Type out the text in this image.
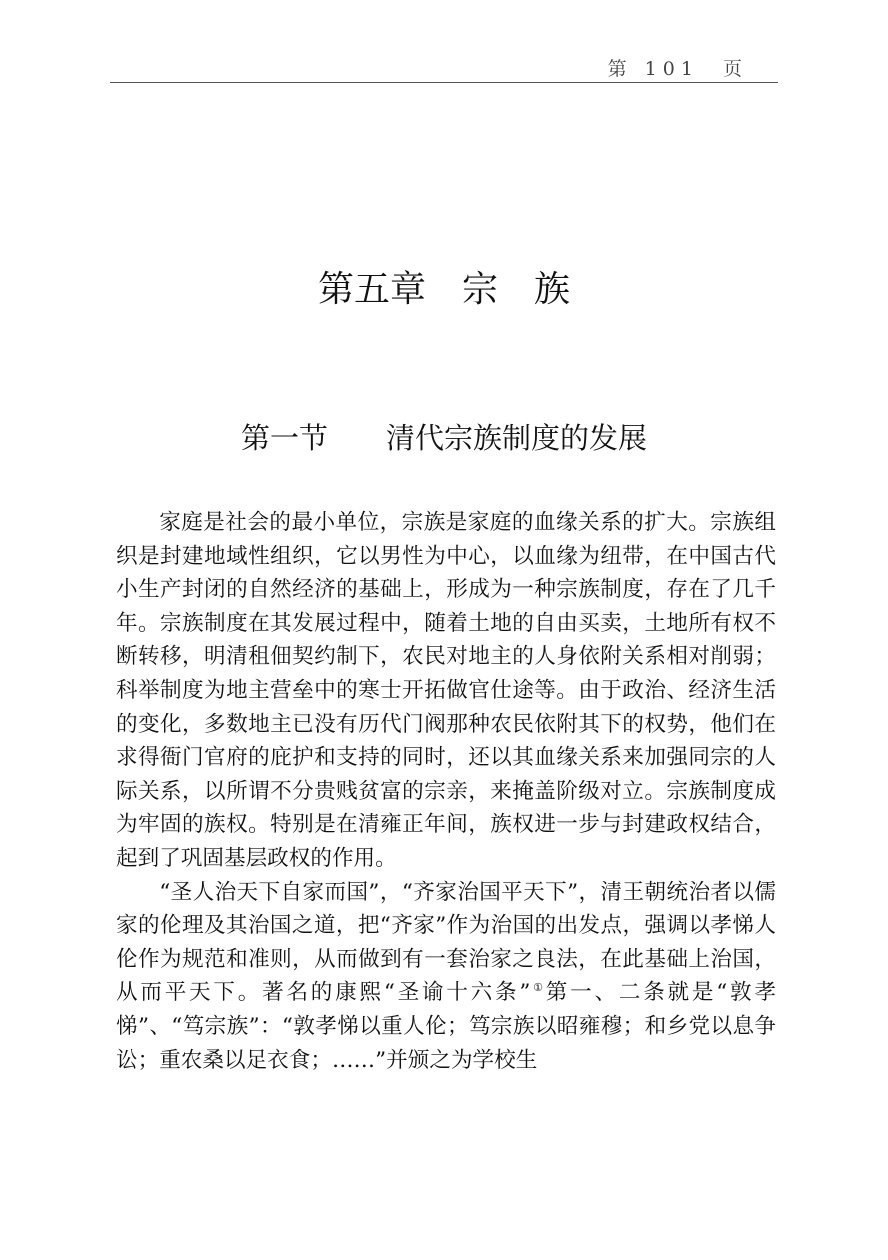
第 101  页
第五章　宗　族
第一节　　清代宗族制度的发展

家庭是社会的最小单位，宗族是家庭的血缘关系的扩大。宗族组织是封建地域性组织，它以男性为中心，以血缘为纽带，在中国古代小生产封闭的自然经济的基础上，形成为一种宗族制度，存在了几千年。宗族制度在其发展过程中，随着土地的自由买卖，土地所有权不断转移，明清租佃契约制下，农民对地主的人身依附关系相对削弱；科举制度为地主营垒中的寒士开拓做官仕途等。由于政治、经济生活的变化，多数地主已没有历代门阀那种农民依附其下的权势，他们在求得衙门官府的庇护和支持的同时，还以其血缘关系来加强同宗的人际关系，以所谓不分贵贱贫富的宗亲，来掩盖阶级对立。宗族制度成为牢固的族权。特别是在清雍正年间，族权进一步与封建政权结合，起到了巩固基层政权的作用。

“圣人治天下自家而国”，“齐家治国平天下”，清王朝统治者以儒家的伦理及其治国之道，把“齐家”作为治国的出发点，强调以孝悌人伦作为规范和准则，从而做到有一套治家之良法，在此基础上治国，从而平天下。著名的康熙“圣谕十六条”①第一、二条就是“敦孝悌”、“笃宗族”：“敦孝悌以重人伦；笃宗族以昭雍穆；和乡党以息争讼；重农桑以足衣食；……”并颁之为学校生
